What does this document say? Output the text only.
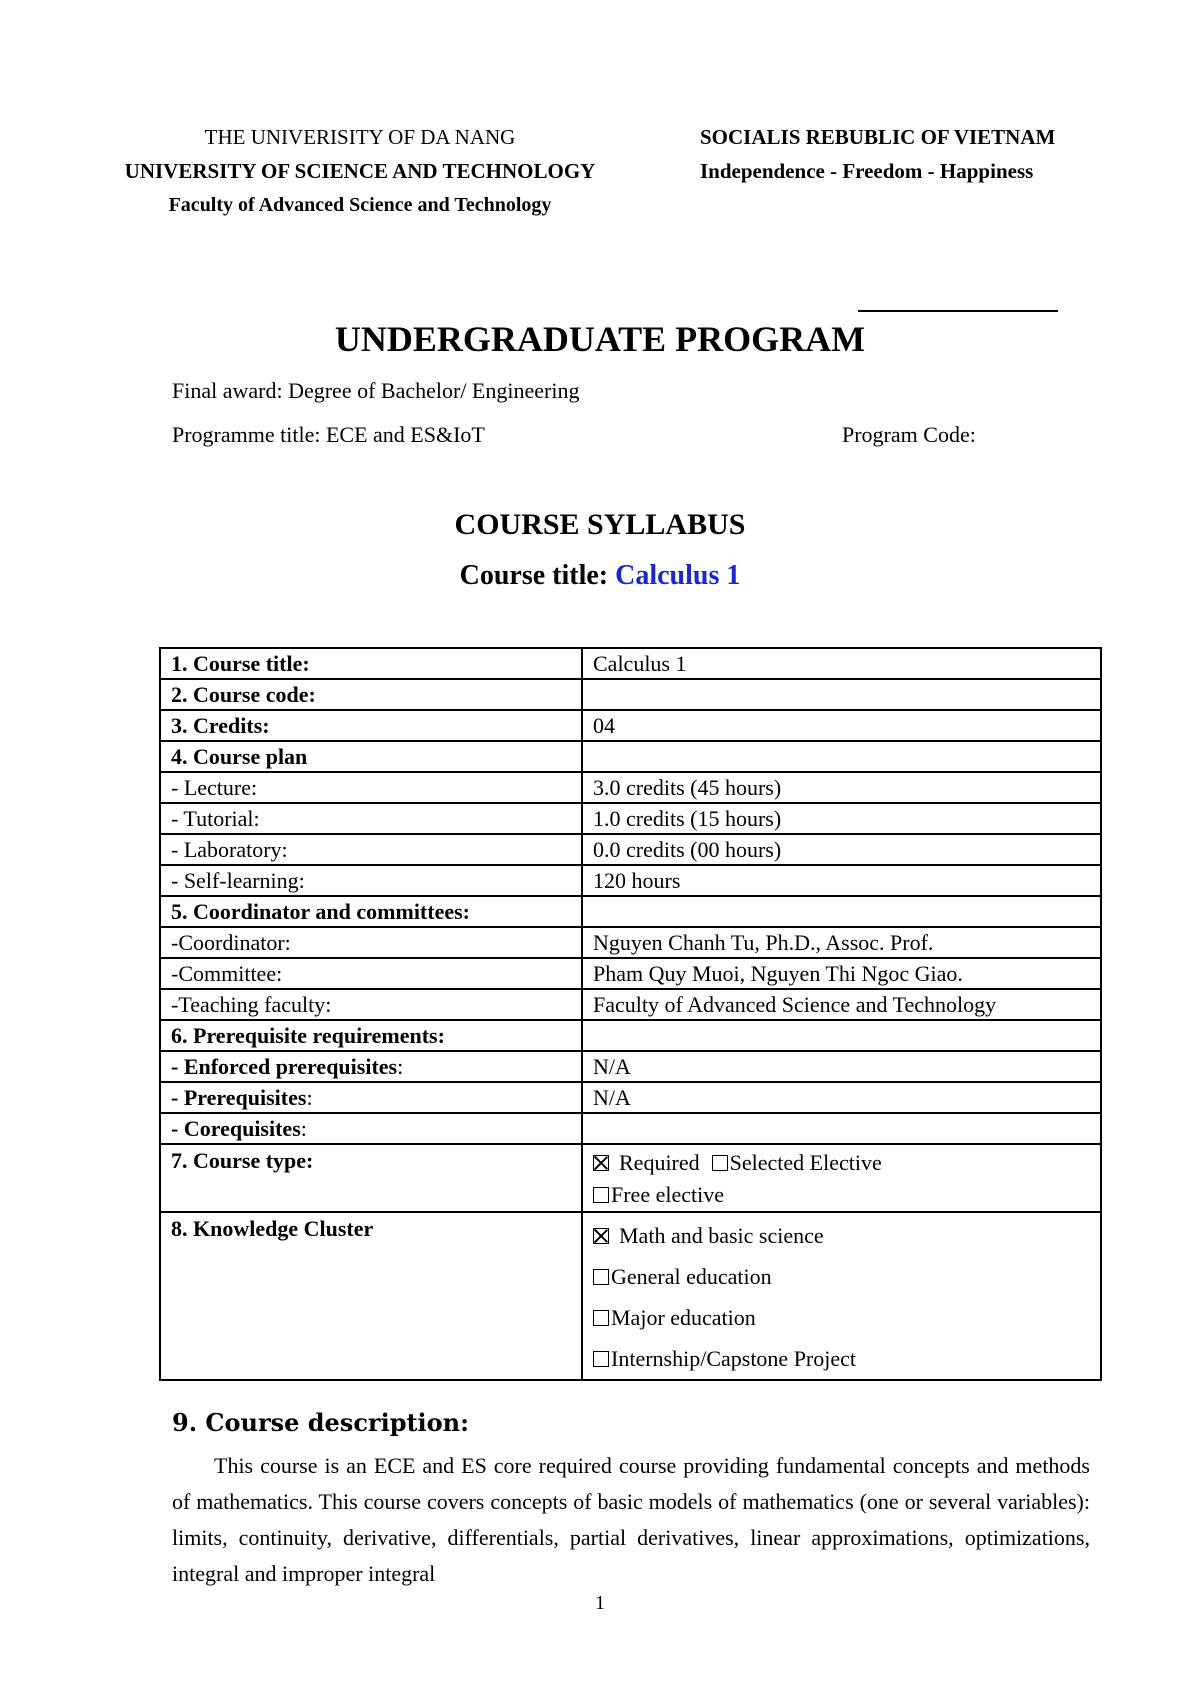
THE UNIVERISITY OF DA NANG
UNIVERSITY OF SCIENCE AND TECHNOLOGY
Faculty of Advanced Science and Technology
SOCIALIS REBUBLIC OF VIETNAM
Independence - Freedom - Happiness
UNDERGRADUATE PROGRAM
Final award: Degree of Bachelor/ Engineering
Programme title: ECE and ES&IoT	Program Code:
COURSE SYLLABUS
Course title: Calculus 1
1. Course title:	Calculus 1
2. Course code:	
3. Credits:	04
4. Course plan	
- Lecture:	3.0 credits (45 hours)
- Tutorial:	1.0 credits (15 hours)
- Laboratory:	0.0 credits (00 hours)
- Self-learning:	120 hours
5. Coordinator and committees:	
-Coordinator:	Nguyen Chanh Tu, Ph.D., Assoc. Prof.
-Committee:	Pham Quy Muoi, Nguyen Thi Ngoc Giao.
-Teaching faculty:	Faculty of Advanced Science and Technology
6. Prerequisite requirements:	
- Enforced prerequisites:	N/A
- Prerequisites:	N/A
- Corequisites:	
7. Course type:	Required Selected Elective
Free elective

8. Knowledge Cluster	Math and basic science
General education
Major education
Internship/Capstone Project
9. Course description:
This course is an ECE and ES core required course providing fundamental concepts and methods of mathematics. This course covers concepts of basic models of mathematics (one or several variables): limits, continuity, derivative, differentials, partial derivatives, linear approximations, optimizations, integral and improper integral
1
